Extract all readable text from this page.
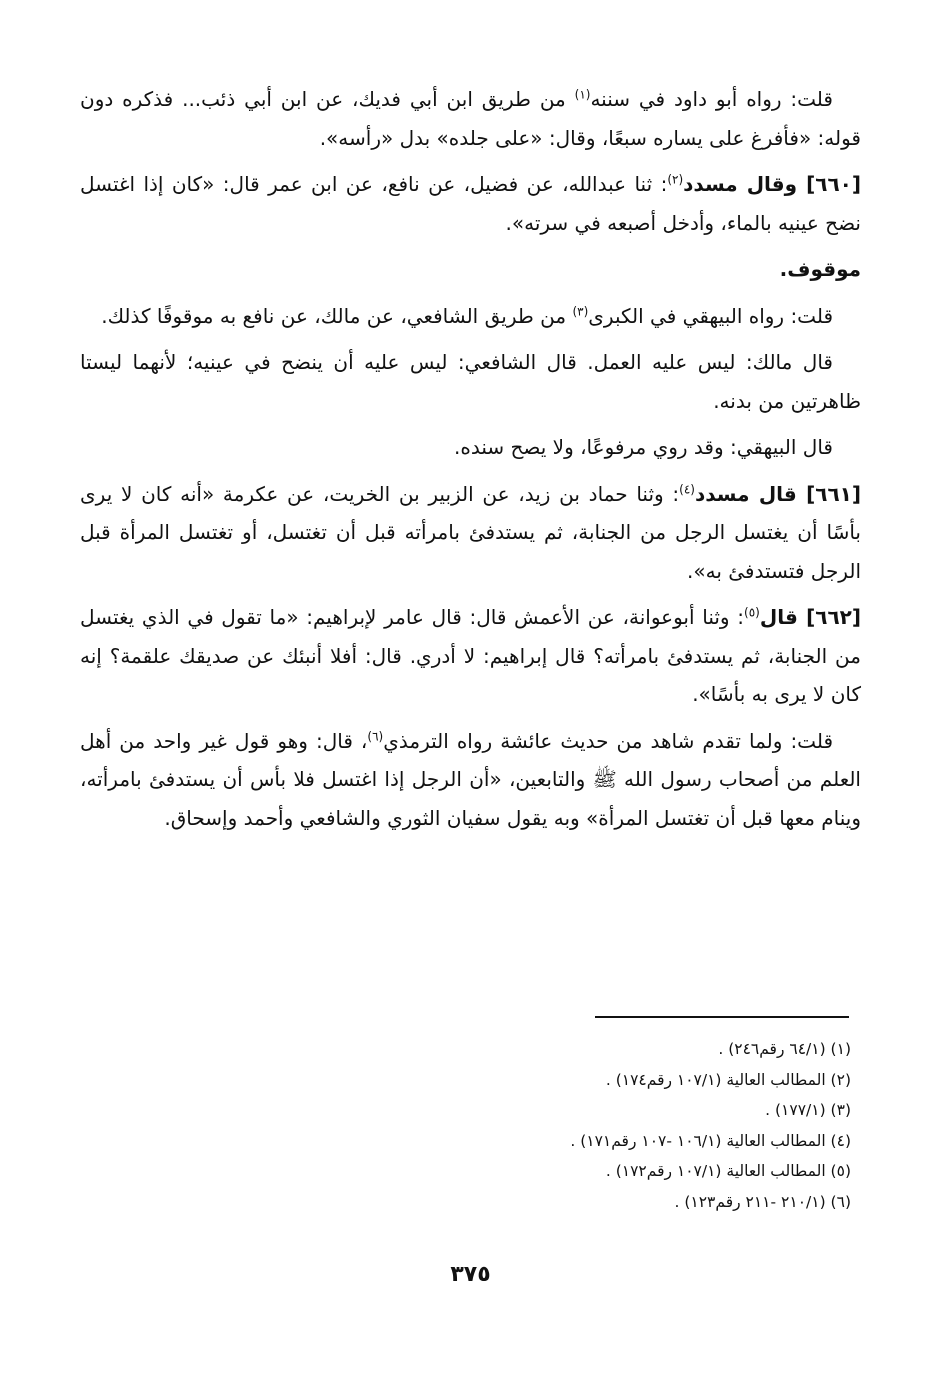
قلت: رواه أبو داود في سننه$^{(١)}$ من طريق ابن أبي فديك، عن ابن أبي ذئب... فذكره دون قوله: «فأفرغ على يساره سبعًا، وقال: «على جلده» بدل «رأسه».

[٦٦٠] وقال مسدد$^{(٢)}$: ثنا عبدالله، عن فضيل، عن نافع، عن ابن عمر قال: «كان إذا اغتسل نضح عينيه بالماء، وأدخل أصبعه في سرته».

موقوف.

قلت: رواه البيهقي في الكبرى$^{(٣)}$ من طريق الشافعي، عن مالك، عن نافع به موقوفًا كذلك.

قال مالك: ليس عليه العمل. قال الشافعي: ليس عليه أن ينضح في عينيه؛ لأنهما ليستا ظاهرتين من بدنه.

قال البيهقي: وقد روي مرفوعًا، ولا يصح سنده.

[٦٦١] قال مسدد$^{(٤)}$: وثنا حماد بن زيد، عن الزبير بن الخريت، عن عكرمة «أنه كان لا يرى بأسًا أن يغتسل الرجل من الجنابة، ثم يستدفئ بامرأته قبل أن تغتسل، أو تغتسل المرأة قبل الرجل فتستدفئ به».

[٦٦٢] قال$^{(٥)}$: وثنا أبوعوانة، عن الأعمش قال: قال عامر لإبراهيم: «ما تقول في الذي يغتسل من الجنابة، ثم يستدفئ بامرأته؟ قال إبراهيم: لا أدري. قال: أفلا أنبئك عن صديقك علقمة؟ إنه كان لا يرى به بأسًا».

قلت: ولما تقدم شاهد من حديث عائشة رواه الترمذي$^{(٦)}$، قال: وهو قول غير واحد من أهل العلم من أصحاب رسول الله ﷺ والتابعين، «أن الرجل إذا اغتسل فلا بأس أن يستدفئ بامرأته، وينام معها قبل أن تغتسل المرأة» وبه يقول سفيان الثوري والشافعي وأحمد وإسحاق.

(١) (٦٤/١ رقم٢٤٦) .

(٢) المطالب العالية (١٠٧/١ رقم١٧٤) .

(٣) (١٧٧/١) .

(٤) المطالب العالية (١٠٦/١ -١٠٧ رقم١٧١) .

(٥) المطالب العالية (١٠٧/١ رقم١٧٢) .

(٦) (٢١٠/١ -٢١١ رقم١٢٣) .

٣٧٥
